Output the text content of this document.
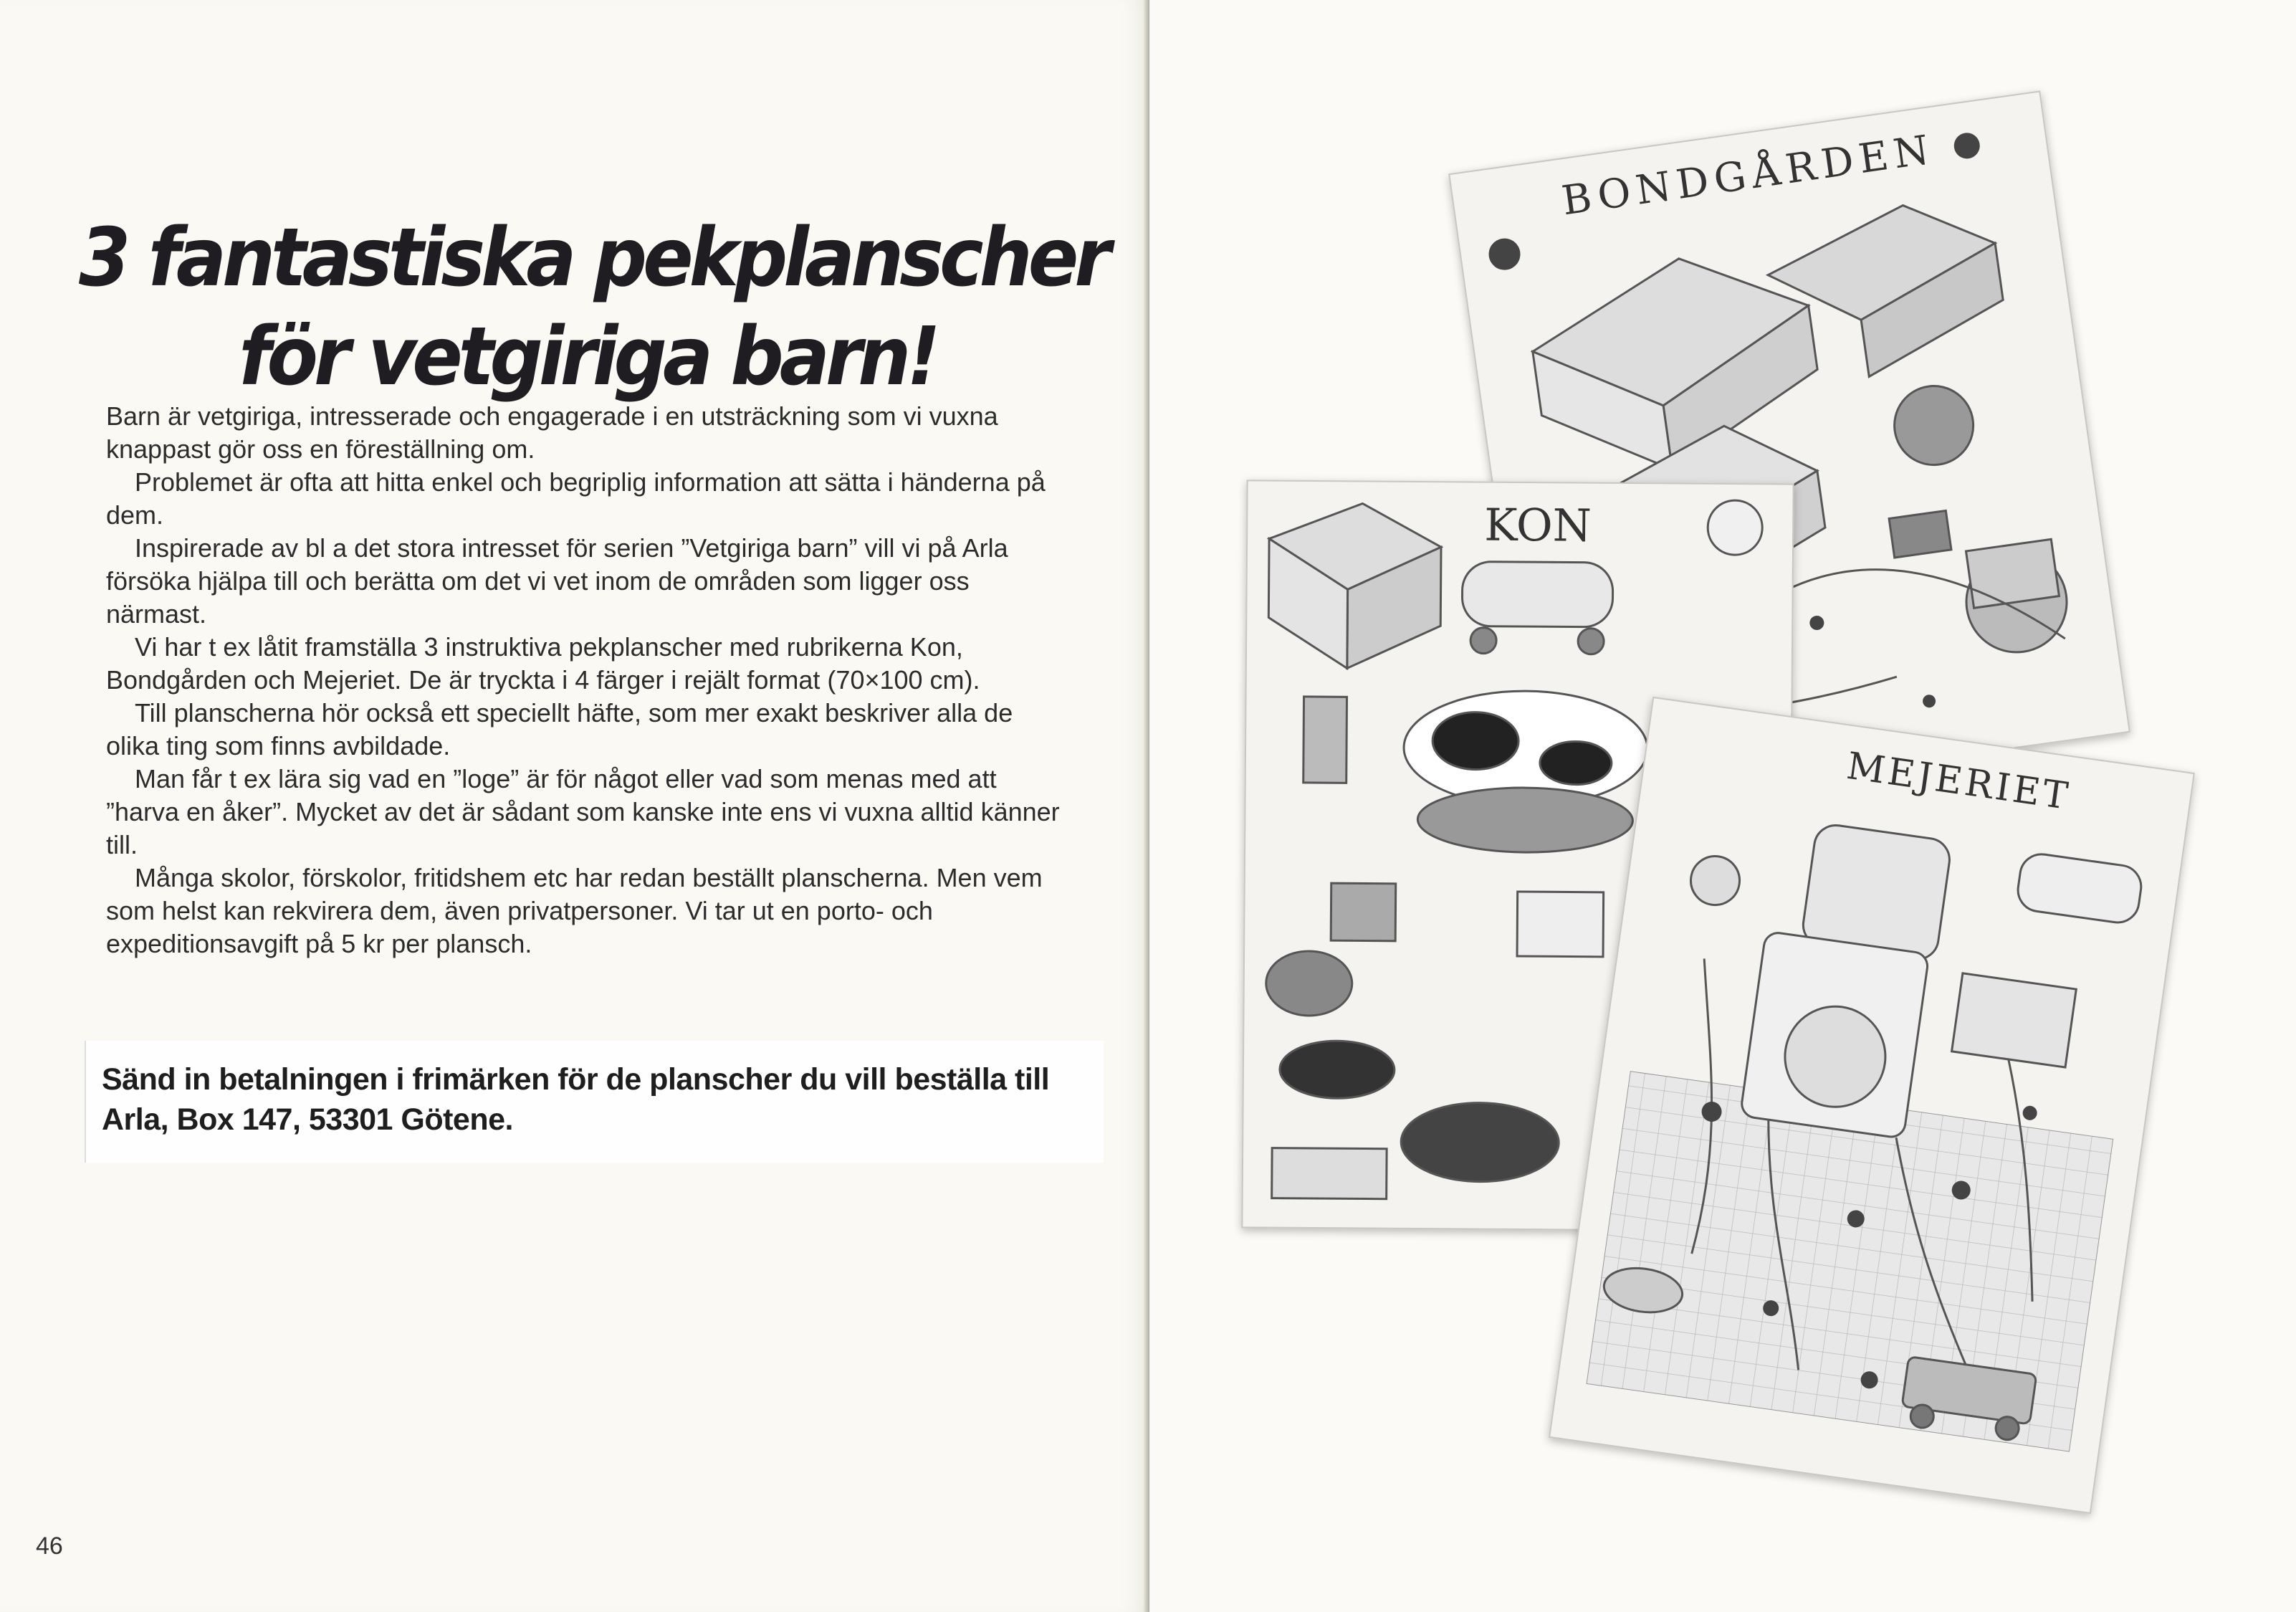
3 fantastiska pekplanscher
för vetgiriga barn!

Barn är vetgiriga, intresserade och engagerade i en utsträckning som vi vuxna knappast gör oss en föreställning om.

Problemet är ofta att hitta enkel och begriplig information att sätta i händerna på dem.

Inspirerade av bl a det stora intresset för serien ”Vetgiriga barn” vill vi på Arla försöka hjälpa till och berätta om det vi vet inom de områden som ligger oss närmast.

Vi har t ex låtit framställa 3 instruktiva pekplanscher med rubrikerna Kon, Bondgården och Mejeriet. De är tryckta i 4 färger i rejält format (70×100 cm).

Till planscherna hör också ett speciellt häfte, som mer exakt beskriver alla de olika ting som finns avbildade.

Man får t ex lära sig vad en ”loge” är för något eller vad som menas med att ”harva en åker”. Mycket av det är sådant som kanske inte ens vi vuxna alltid känner till.

Många skolor, förskolor, fritidshem etc har redan beställt planscherna. Men vem som helst kan rekvirera dem, även privatpersoner. Vi tar ut en porto- och expeditionsavgift på 5 kr per plansch.

Sänd in betalningen i frimärken för de planscher du vill beställa till Arla, Box 147, 53301 Götene.
46
BONDGÅRDEN
KON
MEJERIET
